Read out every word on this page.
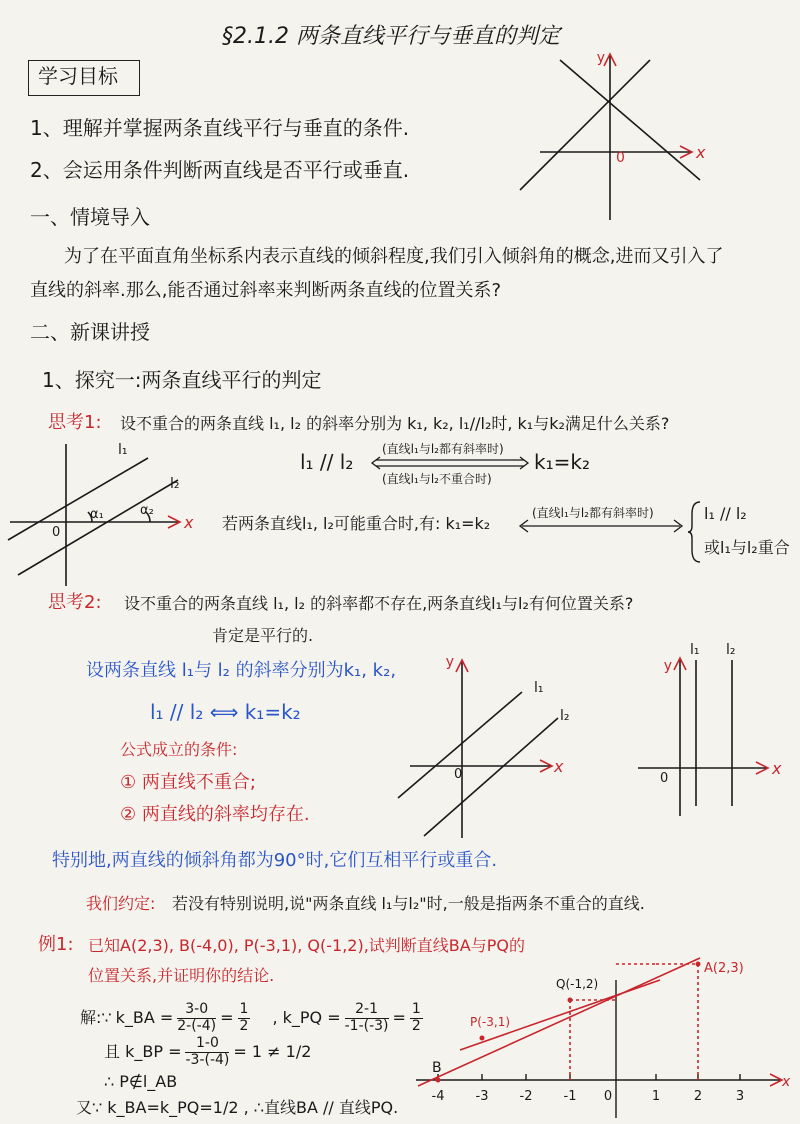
§2.1.2 两条直线平行与垂直的判定
学习目标
1、理解并掌握两条直线平行与垂直的条件.
2、会运用条件判断两直线是否平行或垂直.
y
0	x
一、情境导入
为了在平面直角坐标系内表示直线的倾斜程度,我们引入倾斜角的概念,进而又引入了
直线的斜率.那么,能否通过斜率来判断两条直线的位置关系?
二、新课讲授
1、探究一:两条直线平行的判定
思考1: 设不重合的两条直线 l₁, l₂ 的斜率分别为 k₁, k₂, l₁//l₂时, k₁与k₂满足什么关系?
l₁
l₂
α₁	α₂
0
x
l₁ // l₂
(直线l₁与l₂都有斜率时)
(直线l₁与l₂不重合时)
k₁=k₂
若两条直线l₁, l₂可能重合时,有: k₁=k₂
(直线l₁与l₂都有斜率时)	l₁ // l₂
或l₁与l₂重合
思考2: 设不重合的两条直线 l₁, l₂ 的斜率都不存在,两条直线l₁与l₂有何位置关系?
肯定是平行的.
设两条直线 l₁与 l₂ 的斜率分别为k₁, k₂,
l₁ // l₂ ⟺ k₁=k₂
y
0	x
l₁
l₂
y
0
x
l₁ l₂
公式成立的条件:
① 两直线不重合;
② 两直线的斜率均存在.
特别地,两直线的倾斜角都为90°时,它们互相平行或重合.
我们约定: 若没有特别说明,说"两条直线 l₁与l₂"时,一般是指两条不重合的直线.
例1: 已知A(2,3), B(-4,0), P(-3,1), Q(-1,2),试判断直线BA与PQ的
位置关系,并证明你的结论.
解:∵ k_BA = $\frac{3-0}{2-(-4)} = \frac{1}{2}$ , k_PQ = $\frac{2-1}{-1-(-3)} = \frac{1}{2}$
且 k_BP = $\frac{1-0}{-3-(-4)} = 1 \ne 1/2$
∴ P∉l_AB
又∵ k_BA=k_PQ=1/2 , ∴直线BA // 直线PQ.
Q(-1,2)
A(2,3)
P(-3,1)
B
x
-4 -3 -2 -1 0	1	2	3
